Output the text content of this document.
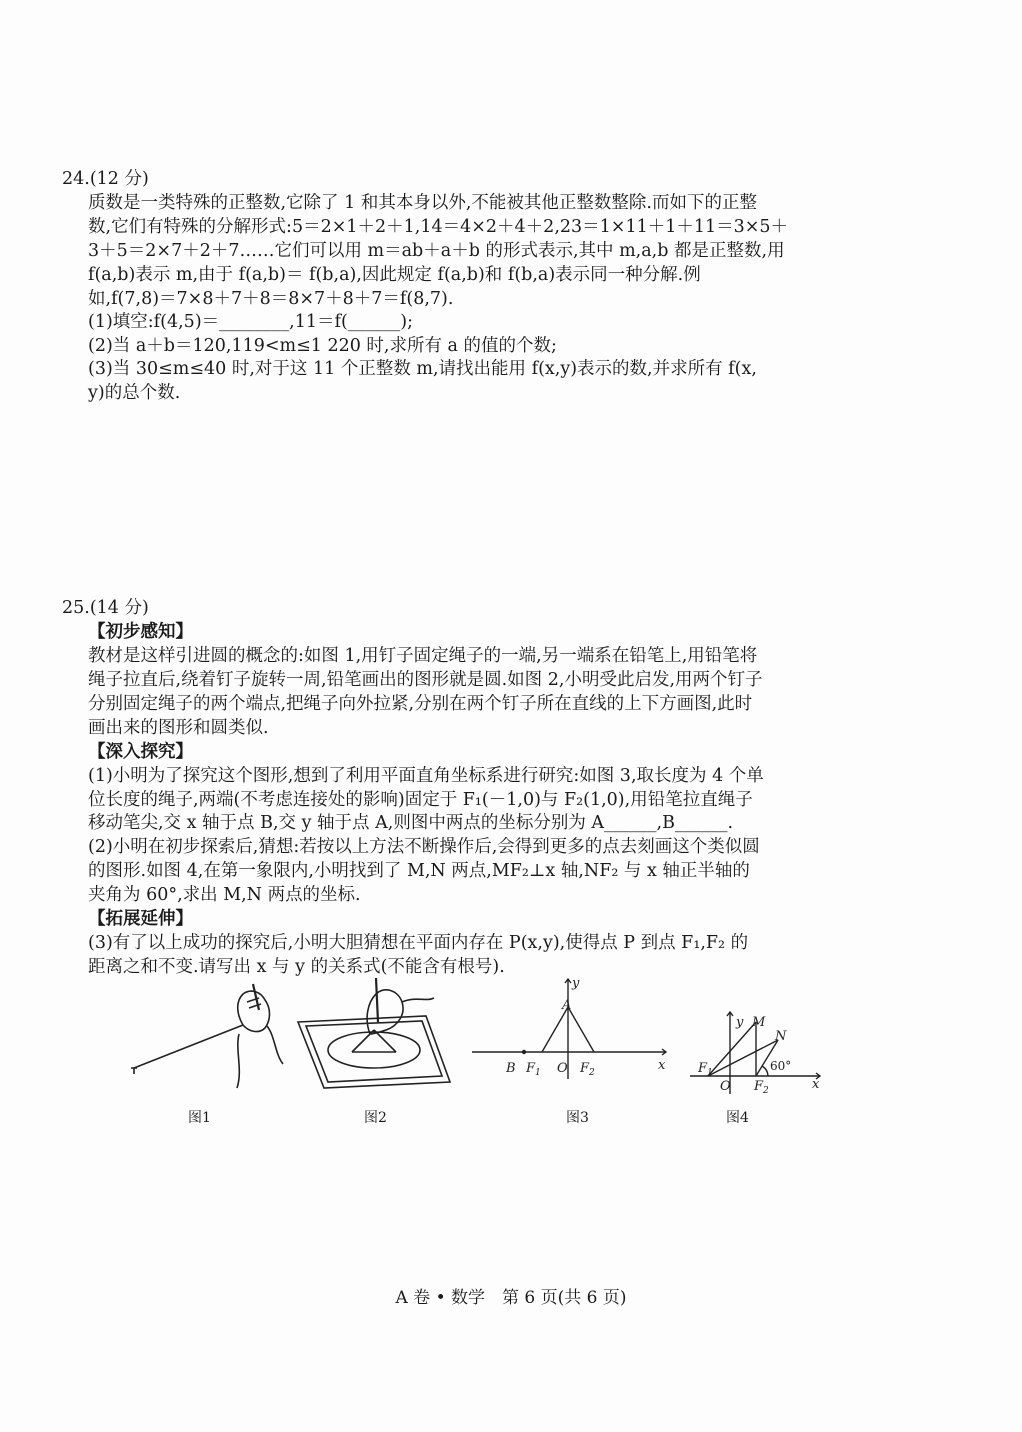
24.(12 分)
质数是一类特殊的正整数,它除了 1 和其本身以外,不能被其他正整数整除.而如下的正整
数,它们有特殊的分解形式:5＝2×1＋2＋1,14＝4×2＋4＋2,23＝1×11＋1＋11＝3×5＋
3＋5＝2×7＋2＋7……它们可以用 m＝ab＋a＋b 的形式表示,其中 m,a,b 都是正整数,用
f(a,b)表示 m,由于 f(a,b)＝ f(b,a),因此规定 f(a,b)和 f(b,a)表示同一种分解.例
如,f(7,8)＝7×8＋7＋8＝8×7＋8＋7＝f(8,7).
(1)填空:f(4,5)＝________,11＝f(______);
(2)当 a＋b＝120,119<m≤1 220 时,求所有 a 的值的个数;
(3)当 30≤m≤40 时,对于这 11 个正整数 m,请找出能用 f(x,y)表示的数,并求所有 f(x,
y)的总个数.
25.(14 分)
【初步感知】
教材是这样引进圆的概念的:如图 1,用钉子固定绳子的一端,另一端系在铅笔上,用铅笔将
绳子拉直后,绕着钉子旋转一周,铅笔画出的图形就是圆.如图 2,小明受此启发,用两个钉子
分别固定绳子的两个端点,把绳子向外拉紧,分别在两个钉子所在直线的上下方画图,此时
画出来的图形和圆类似.
【深入探究】
(1)小明为了探究这个图形,想到了利用平面直角坐标系进行研究:如图 3,取长度为 4 个单
位长度的绳子,两端(不考虑连接处的影响)固定于 F₁(－1,0)与 F₂(1,0),用铅笔拉直绳子
移动笔尖,交 x 轴于点 B,交 y 轴于点 A,则图中两点的坐标分别为 A______,B______.
(2)小明在初步探索后,猜想:若按以上方法不断操作后,会得到更多的点去刻画这个类似圆
的图形.如图 4,在第一象限内,小明找到了 M,N 两点,MF₂⊥x 轴,NF₂ 与 x 轴正半轴的
夹角为 60°,求出 M,N 两点的坐标.
【拓展延伸】
(3)有了以上成功的探究后,小明大胆猜想在平面内存在 P(x,y),使得点 P 到点 F₁,F₂ 的
距离之和不变.请写出 x 与 y 的关系式(不能含有根号).
图1	图2
y
A
B F 1 O F 2	x
图3
y M
N
F 1
O F 2
60°
x
图4
A 卷 • 数学　第 6 页(共 6 页)
